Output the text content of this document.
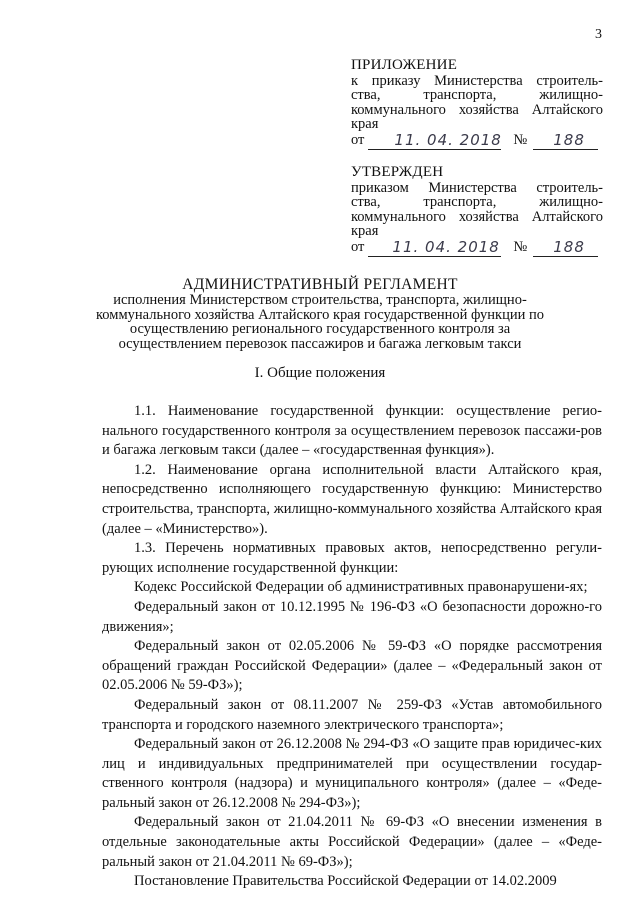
3
ПРИЛОЖЕНИЕ
к приказу Министерства строитель-
ства, транспорта, жилищно-
коммунального хозяйства Алтайского
края
от 11. 04. 2018 № 188
УТВЕРЖДЕН
приказом Министерства строитель-
ства, транспорта, жилищно-
коммунального хозяйства Алтайского
края
от 11. 04. 2018 № 188
АДМИНИСТРАТИВНЫЙ РЕГЛАМЕНТ
исполнения Министерством строительства, транспорта, жилищно-
коммунального хозяйства Алтайского края государственной функции по
осуществлению регионального государственного контроля за
осуществлением перевозок пассажиров и багажа легковым такси
I. Общие положения

1.1. Наименование государственной функции: осуществление регио-нального государственного контроля за осуществлением перевозок пассажи-ров и багажа легковым такси (далее – «государственная функция»).

1.2. Наименование органа исполнительной власти Алтайского края, непосредственно исполняющего государственную функцию: Министерство строительства, транспорта, жилищно-коммунального хозяйства Алтайского края (далее – «Министерство»).

1.3. Перечень нормативных правовых актов, непосредственно регули-рующих исполнение государственной функции:

Кодекс Российской Федерации об административных правонарушени-ях;

Федеральный закон от 10.12.1995 № 196-ФЗ «О безопасности дорожно-го движения»;

Федеральный закон от 02.05.2006 № 59-ФЗ «О порядке рассмотрения обращений граждан Российской Федерации» (далее – «Федеральный закон от 02.05.2006 № 59-ФЗ»);

Федеральный закон от 08.11.2007 № 259-ФЗ «Устав автомобильного транспорта и городского наземного электрического транспорта»;

Федеральный закон от 26.12.2008 № 294-ФЗ «О защите прав юридичес-ких лиц и индивидуальных предпринимателей при осуществлении государ-ственного контроля (надзора) и муниципального контроля» (далее – «Феде-ральный закон от 26.12.2008 № 294-ФЗ»);

Федеральный закон от 21.04.2011 № 69-ФЗ «О внесении изменения в отдельные законодательные акты Российской Федерации» (далее – «Феде-ральный закон от 21.04.2011 № 69-ФЗ»);

Постановление Правительства Российской Федерации от 14.02.2009
